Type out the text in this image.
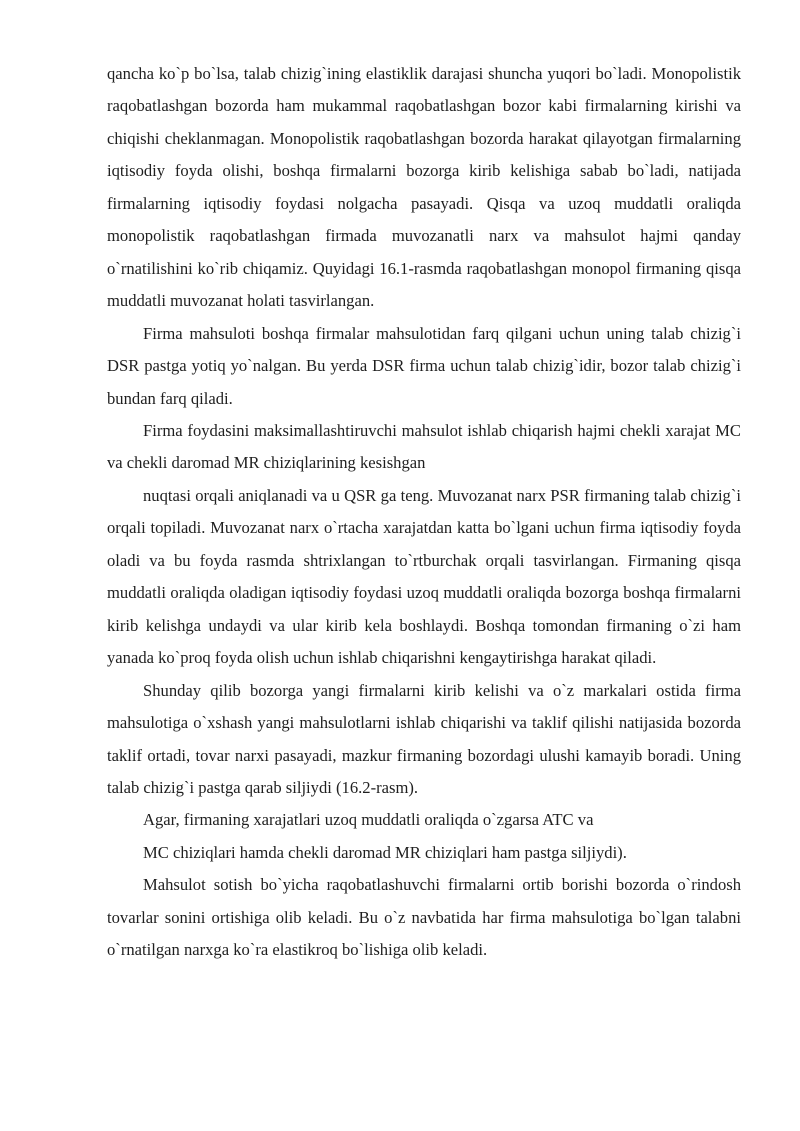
qancha ko`p bo`lsa, talab chizig`ining elastiklik darajasi shuncha yuqori bo`ladi. Monopolistik raqobatlashgan bozorda ham mukammal raqobatlashgan bozor kabi firmalarning kirishi va chiqishi cheklanmagan. Monopolistik raqobatlashgan bozorda harakat qilayotgan firmalarning iqtisodiy foyda olishi, boshqa firmalarni bozorga kirib kelishiga sabab bo`ladi, natijada firmalarning iqtisodiy foydasi nolgacha pasayadi. Qisqa va uzoq muddatli oraliqda monopolistik raqobatlashgan firmada muvozanatli narx va mahsulot hajmi qanday o`rnatilishini ko`rib chiqamiz. Quyidagi 16.1-rasmda raqobatlashgan monopol firmaning qisqa muddatli muvozanat holati tasvirlangan.

Firma mahsuloti boshqa firmalar mahsulotidan farq qilgani uchun uning talab chizig`i DSR pastga yotiq yo`nalgan. Bu yerda DSR firma uchun talab chizig`idir, bozor talab chizig`i bundan farq qiladi.

Firma foydasini maksimallashtiruvchi mahsulot ishlab chiqarish hajmi chekli xarajat MC va chekli daromad MR chiziqlarining kesishgan

nuqtasi orqali aniqlanadi va u QSR ga teng. Muvozanat narx PSR firmaning talab chizig`i orqali topiladi. Muvozanat narx o`rtacha xarajatdan katta bo`lgani uchun firma iqtisodiy foyda oladi va bu foyda rasmda shtrixlangan to`rtburchak orqali tasvirlangan. Firmaning qisqa muddatli oraliqda oladigan iqtisodiy foydasi uzoq muddatli oraliqda bozorga boshqa firmalarni kirib kelishga undaydi va ular kirib kela boshlaydi. Boshqa tomondan firmaning o`zi ham yanada ko`proq foyda olish uchun ishlab chiqarishni kengaytirishga harakat qiladi.

Shunday qilib bozorga yangi firmalarni kirib kelishi va o`z markalari ostida firma mahsulotiga o`xshash yangi mahsulotlarni ishlab chiqarishi va taklif qilishi natijasida bozorda taklif ortadi, tovar narxi pasayadi, mazkur firmaning bozordagi ulushi kamayib boradi. Uning talab chizig`i pastga qarab siljiydi (16.2-rasm).

Agar, firmaning xarajatlari uzoq muddatli oraliqda o`zgarsa ATC va

MC chiziqlari hamda chekli daromad MR chiziqlari ham pastga siljiydi).

Mahsulot sotish bo`yicha raqobatlashuvchi firmalarni ortib borishi bozorda o`rindosh tovarlar sonini ortishiga olib keladi. Bu o`z navbatida har firma mahsulotiga bo`lgan talabni o`rnatilgan narxga ko`ra elastikroq bo`lishiga olib keladi.
